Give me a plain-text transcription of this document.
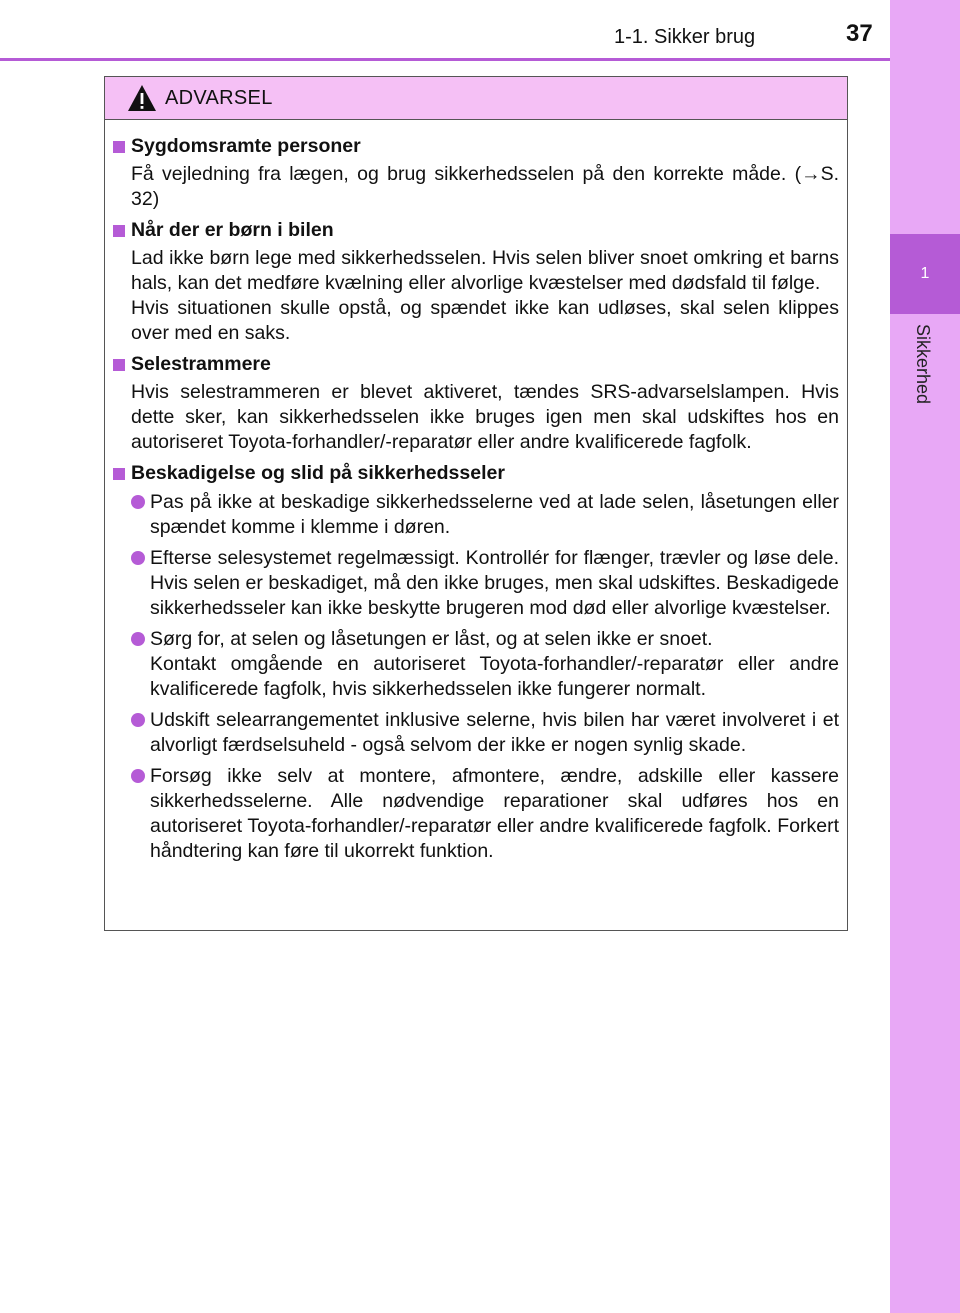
1
Sikkerhed
1-1. Sikker brug	37
ADVARSEL
Sygdomsramte personer
Få vejledning fra lægen, og brug sikkerhedsselen på den korrekte måde. (→S. 32)
Når der er børn i bilen
Lad ikke børn lege med sikkerhedsselen. Hvis selen bliver snoet omkring et barns hals, kan det medføre kvælning eller alvorlige kvæstelser med dødsfald til følge.
Hvis situationen skulle opstå, og spændet ikke kan udløses, skal selen klippes over med en saks.
Selestrammere
Hvis selestrammeren er blevet aktiveret, tændes SRS-advarselslampen. Hvis dette sker, kan sikkerhedsselen ikke bruges igen men skal udskiftes hos en autoriseret Toyota-forhandler/-reparatør eller andre kvalificerede fagfolk.
Beskadigelse og slid på sikkerhedsseler
Pas på ikke at beskadige sikkerhedsselerne ved at lade selen, låsetungen eller spændet komme i klemme i døren.
Efterse selesystemet regelmæssigt. Kontrollér for flænger, trævler og løse dele. Hvis selen er beskadiget, må den ikke bruges, men skal udskiftes. Beskadigede sikkerhedsseler kan ikke beskytte brugeren mod død eller alvorlige kvæstelser.
Sørg for, at selen og låsetungen er låst, og at selen ikke er snoet.
Kontakt omgående en autoriseret Toyota-forhandler/-reparatør eller andre kvalificerede fagfolk, hvis sikkerhedsselen ikke fungerer normalt.
Udskift selearrangementet inklusive selerne, hvis bilen har været involveret i et alvorligt færdselsuheld - også selvom der ikke er nogen synlig skade.
Forsøg ikke selv at montere, afmontere, ændre, adskille eller kassere sikkerhedsselerne. Alle nødvendige reparationer skal udføres hos en autoriseret Toyota-forhandler/-reparatør eller andre kvalificerede fagfolk. Forkert håndtering kan føre til ukorrekt funktion.
